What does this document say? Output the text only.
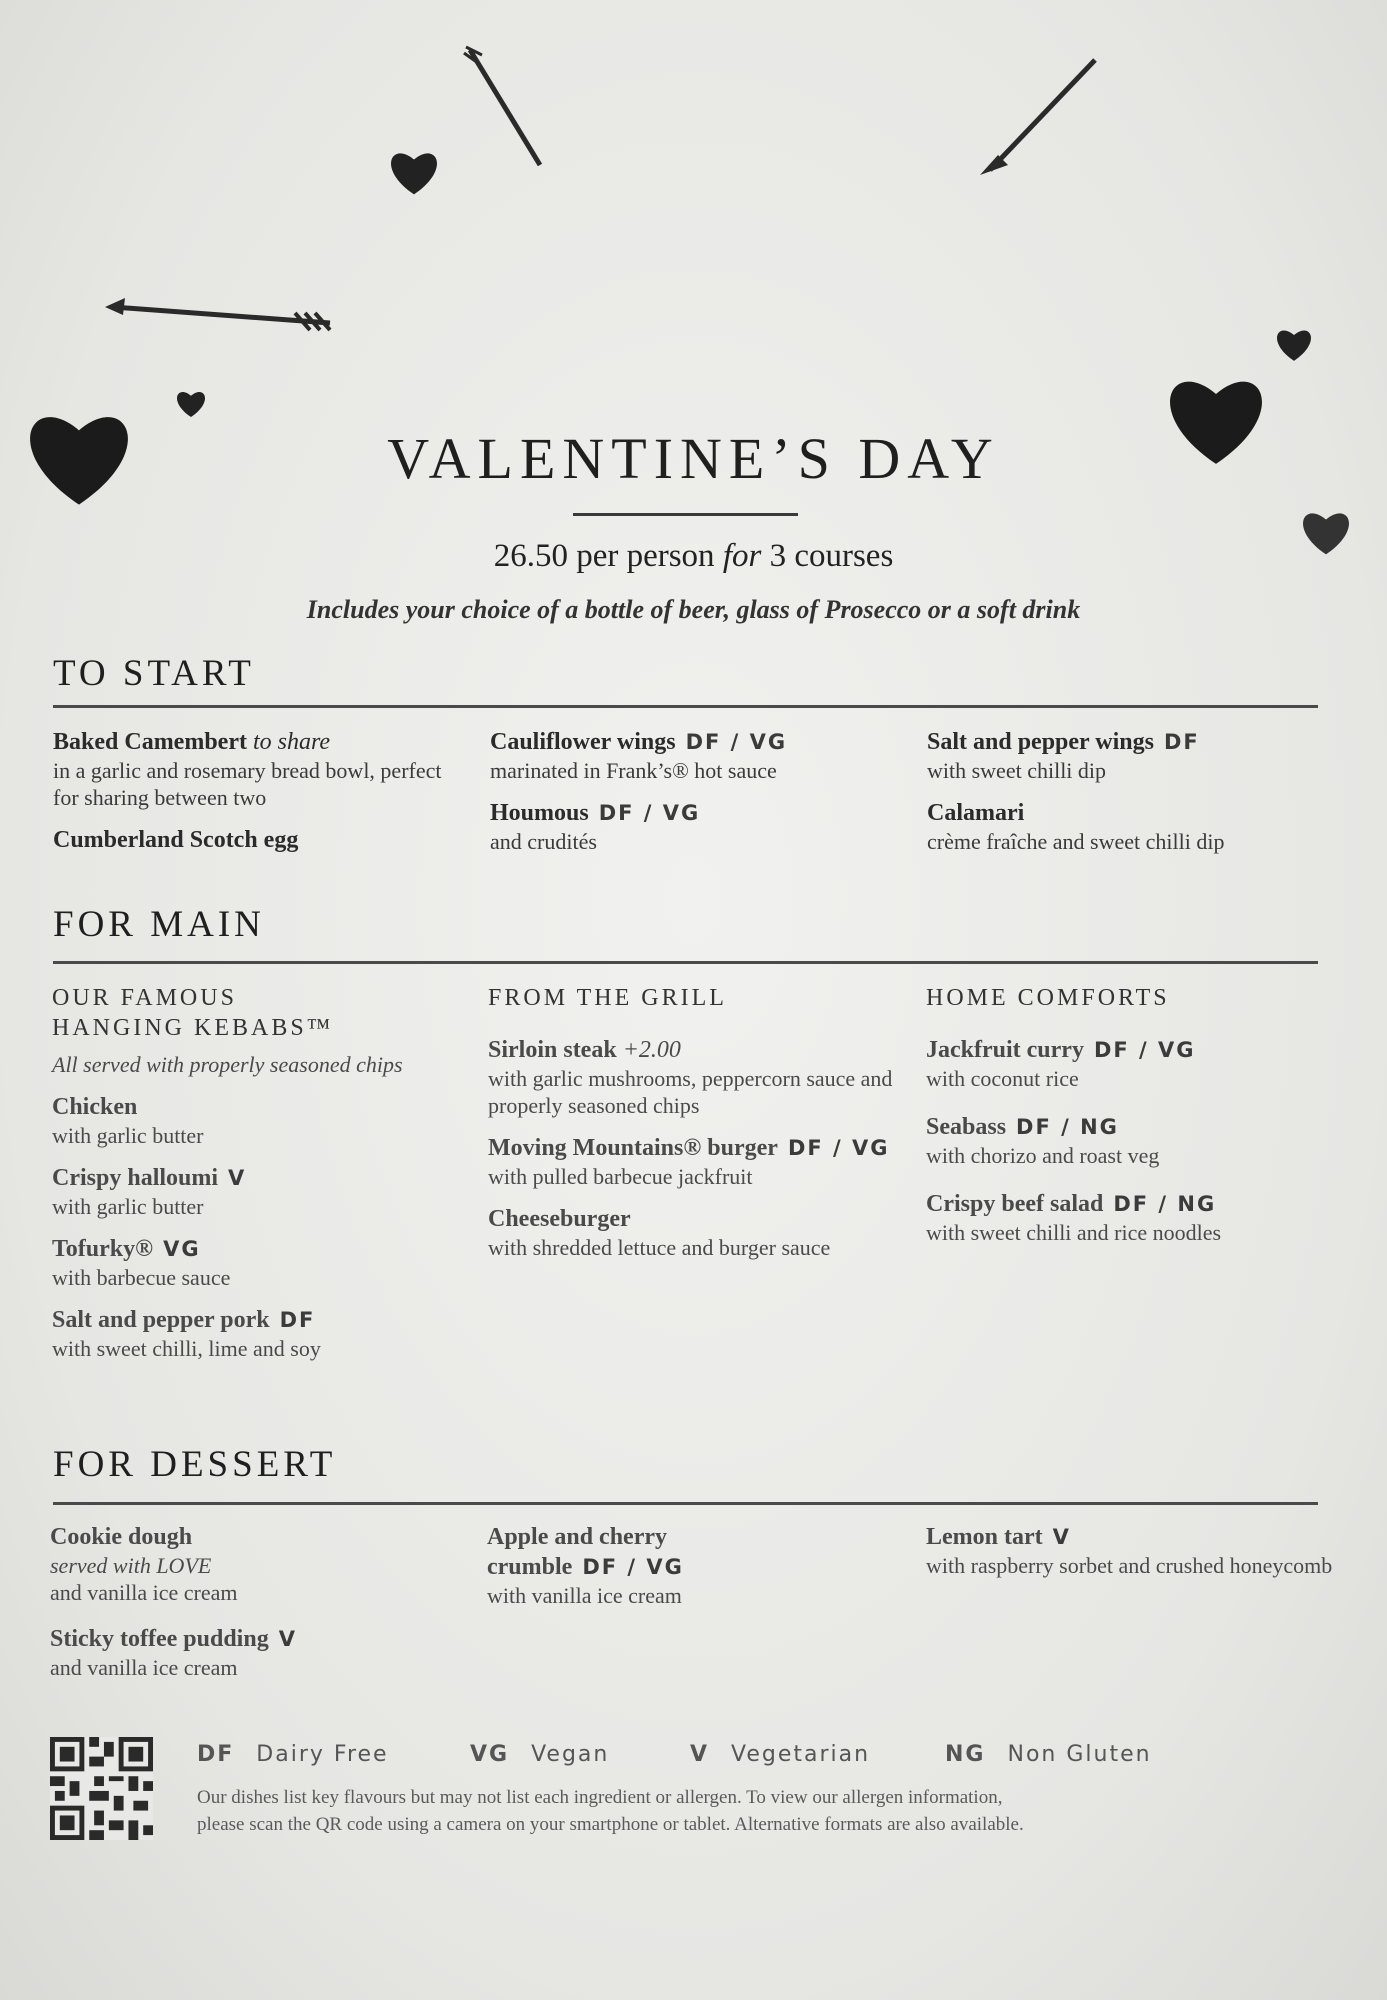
VALENTINE’S DAY
26.50 per person for 3 courses
Includes your choice of a bottle of beer, glass of Prosecco or a soft drink
TO START
Baked Camembert to share
in a garlic and rosemary bread bowl, perfect for sharing between two
Cumberland Scotch egg
Cauliflower wings DF / VG
marinated in Frank’s® hot sauce
Houmous DF / VG
and crudités
Salt and pepper wings DF
with sweet chilli dip
Calamari
crème fraîche and sweet chilli dip
FOR MAIN
OUR FAMOUS
HANGING KEBABS™
All served with properly seasoned chips
Chicken
with garlic butter
Crispy halloumi V
with garlic butter
Tofurky® VG
with barbecue sauce
Salt and pepper pork DF
with sweet chilli, lime and soy
FROM THE GRILL
Sirloin steak +2.00
with garlic mushrooms, peppercorn sauce and properly seasoned chips
Moving Mountains® burger DF / VG
with pulled barbecue jackfruit
Cheeseburger
with shredded lettuce and burger sauce
HOME COMFORTS
Jackfruit curry DF / VG
with coconut rice
Seabass DF / NG
with chorizo and roast veg
Crispy beef salad DF / NG
with sweet chilli and rice noodles
FOR DESSERT
Cookie dough
served with LOVE
and vanilla ice cream
Sticky toffee pudding V
and vanilla ice cream
Apple and cherry
crumble DF / VG
with vanilla ice cream
Lemon tart V
with raspberry sorbet and crushed honeycomb
DF Dairy Free	VG Vegan	V Vegetarian	NG Non Gluten
Our dishes list key flavours but may not list each ingredient or allergen. To view our allergen information,
please scan the QR code using a camera on your smartphone or tablet. Alternative formats are also available.
